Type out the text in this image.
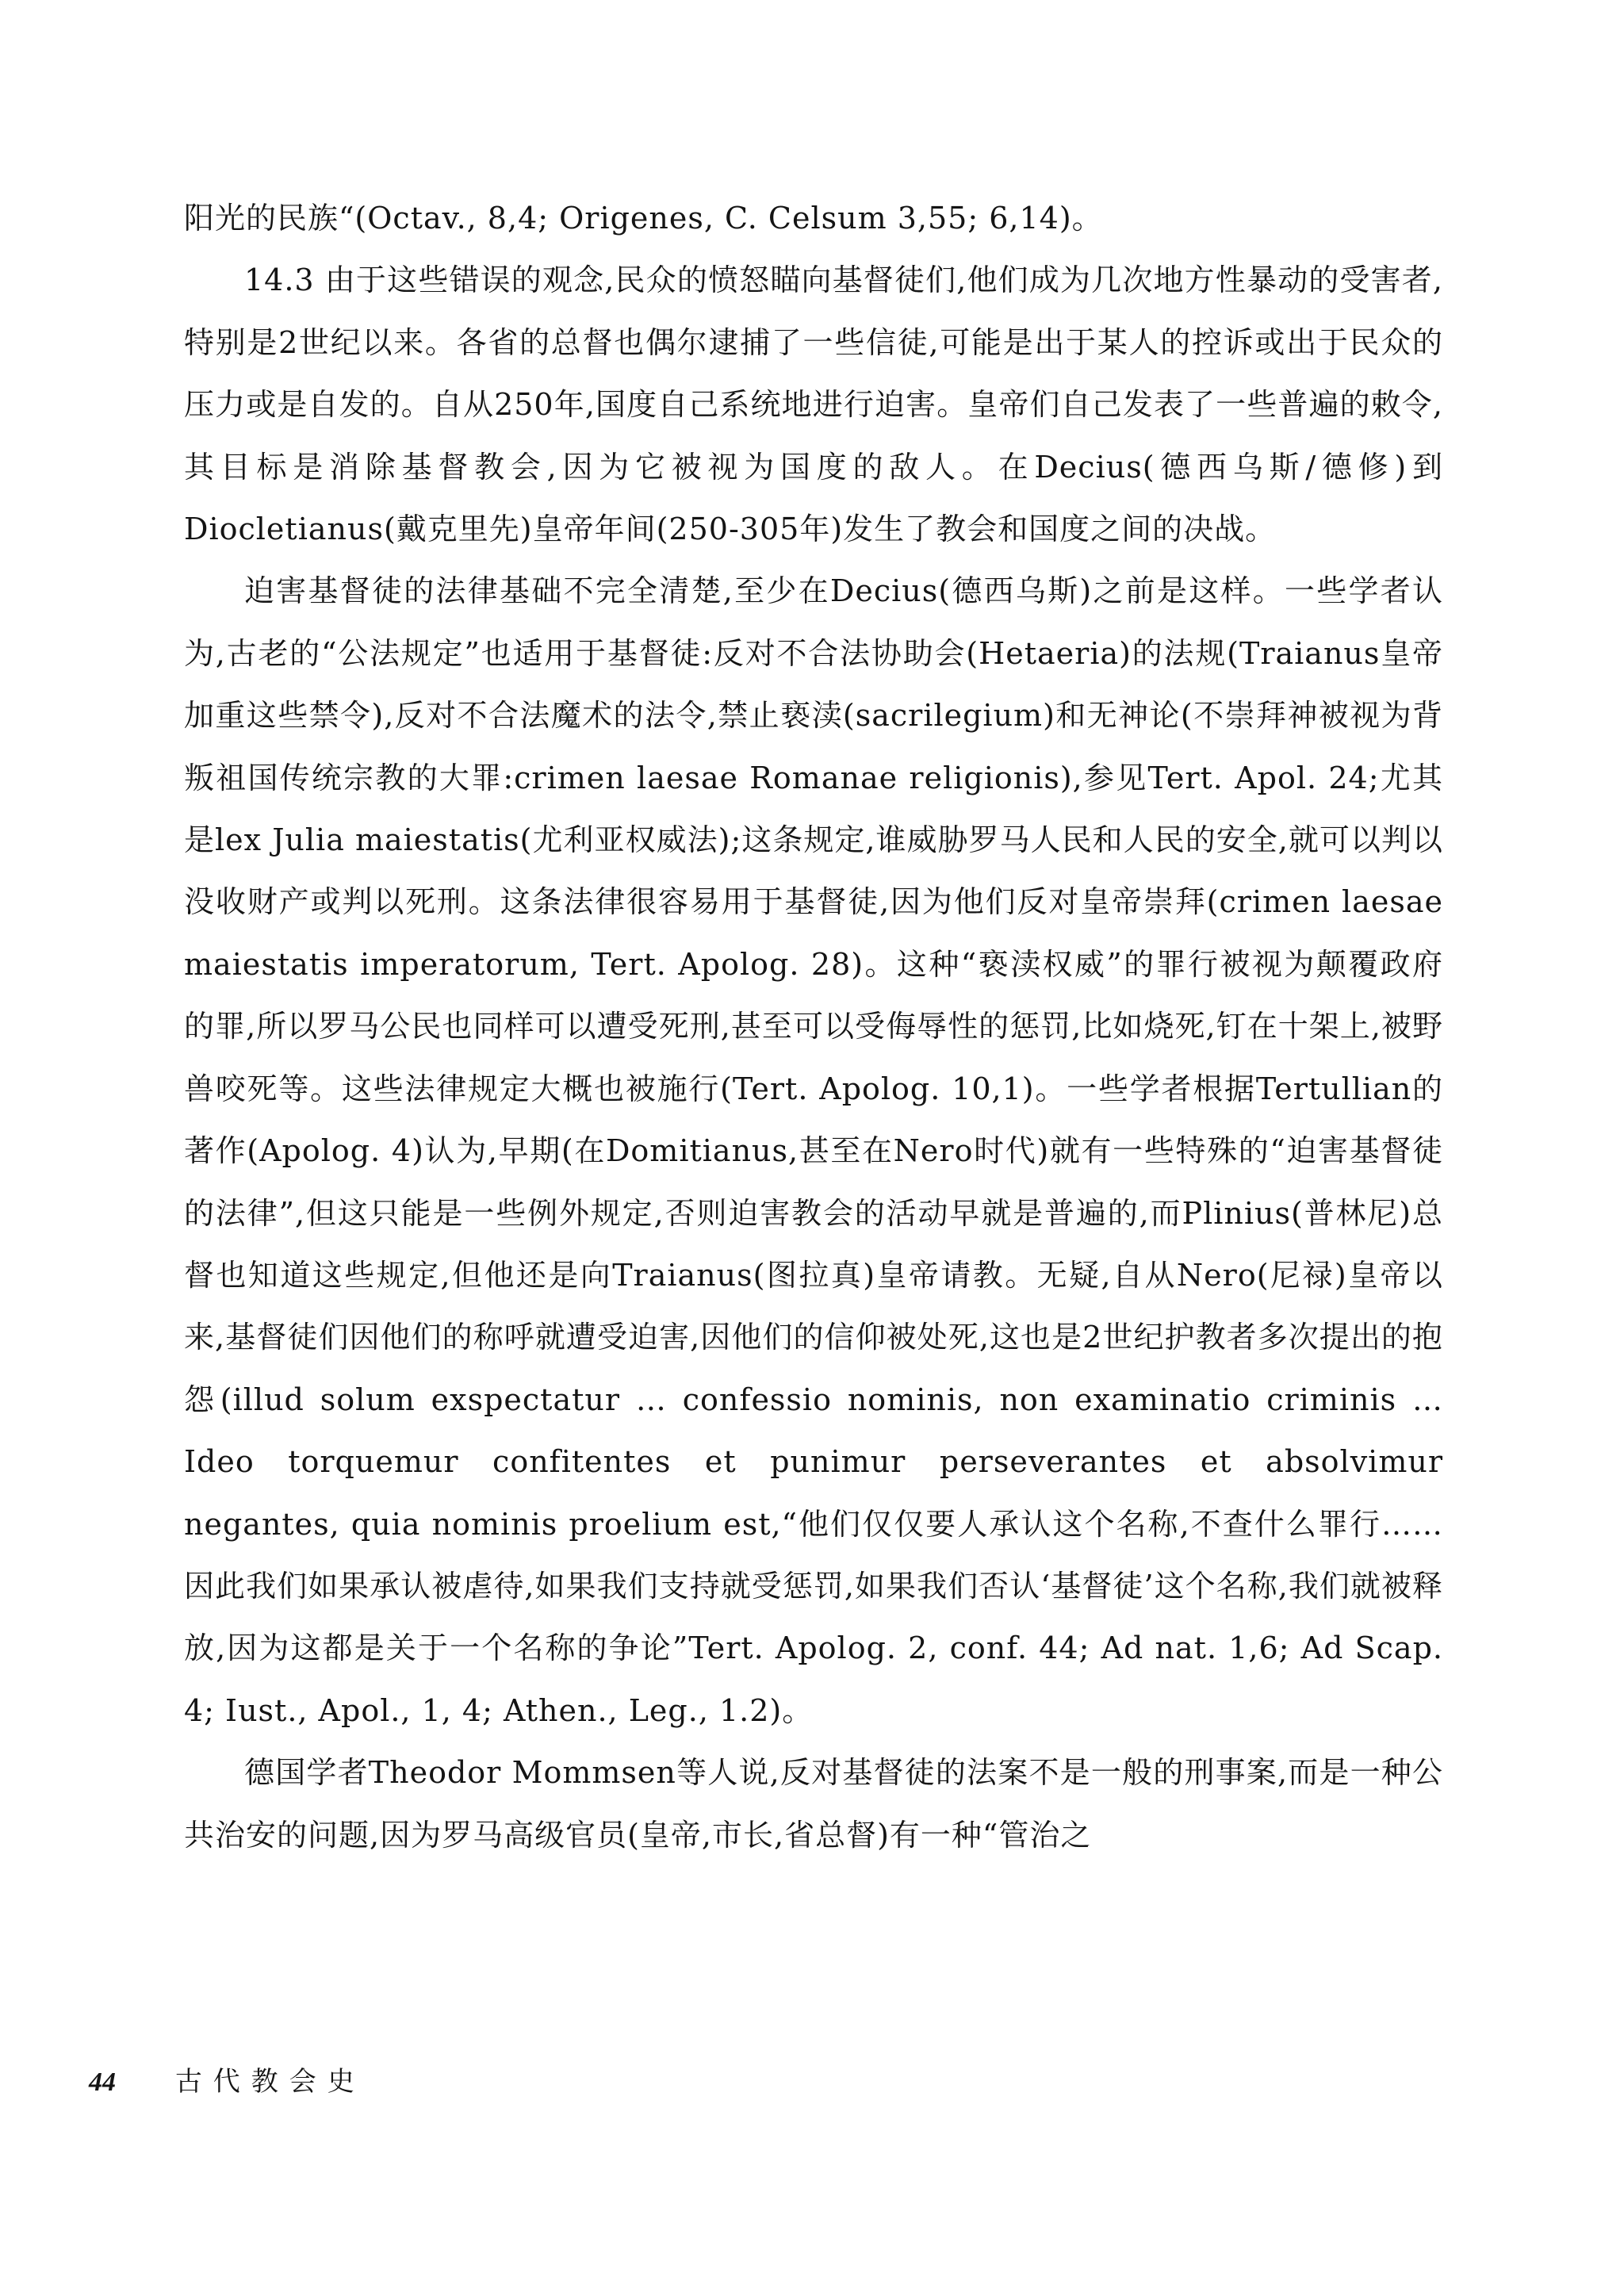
阳光的民族“(Octav., 8,4; Origenes, C. Celsum 3,55; 6,14)。

14.3 由于这些错误的观念,民众的愤怒瞄向基督徒们,他们成为几次地方性暴动的受害者,特别是2世纪以来。各省的总督也偶尔逮捕了一些信徒,可能是出于某人的控诉或出于民众的压力或是自发的。自从250年,国度自己系统地进行迫害。皇帝们自己发表了一些普遍的敕令,其目标是消除基督教会,因为它被视为国度的敌人。在Decius(德西乌斯/德修)到Diocletianus(戴克里先)皇帝年间(250-305年)发生了教会和国度之间的决战。

迫害基督徒的法律基础不完全清楚,至少在Decius(德西乌斯)之前是这样。一些学者认为,古老的“公法规定”也适用于基督徒:反对不合法协助会(Hetaeria)的法规(Traianus皇帝加重这些禁令),反对不合法魔术的法令,禁止亵渎(sacrilegium)和无神论(不崇拜神被视为背叛祖国传统宗教的大罪:crimen laesae Romanae religionis),参见Tert. Apol. 24;尤其是lex Julia maiestatis(尤利亚权威法);这条规定,谁威胁罗马人民和人民的安全,就可以判以没收财产或判以死刑。这条法律很容易用于基督徒,因为他们反对皇帝崇拜(crimen laesae maiestatis imperatorum, Tert. Apolog. 28)。这种“亵渎权威”的罪行被视为颠覆政府的罪,所以罗马公民也同样可以遭受死刑,甚至可以受侮辱性的惩罚,比如烧死,钉在十架上,被野兽咬死等。这些法律规定大概也被施行(Tert. Apolog. 10,1)。一些学者根据Tertullian的著作(Apolog. 4)认为,早期(在Domitianus,甚至在Nero时代)就有一些特殊的“迫害基督徒的法律”,但这只能是一些例外规定,否则迫害教会的活动早就是普遍的,而Plinius(普林尼)总督也知道这些规定,但他还是向Traianus(图拉真)皇帝请教。无疑,自从Nero(尼禄)皇帝以来,基督徒们因他们的称呼就遭受迫害,因他们的信仰被处死,这也是2世纪护教者多次提出的抱怨(illud solum exspectatur … confessio nominis, non examinatio criminis … Ideo torquemur confitentes et punimur perseverantes et absolvimur negantes, quia nominis proelium est,“他们仅仅要人承认这个名称,不查什么罪行……因此我们如果承认被虐待,如果我们支持就受惩罚,如果我们否认‘基督徒’这个名称,我们就被释放,因为这都是关于一个名称的争论”Tert. Apolog. 2, conf. 44; Ad nat. 1,6; Ad Scap. 4; Iust., Apol., 1, 4; Athen., Leg., 1.2)。

德国学者Theodor Mommsen等人说,反对基督徒的法案不是一般的刑事案,而是一种公共治安的问题,因为罗马高级官员(皇帝,市长,省总督)有一种“管治之

44 古代教会史
